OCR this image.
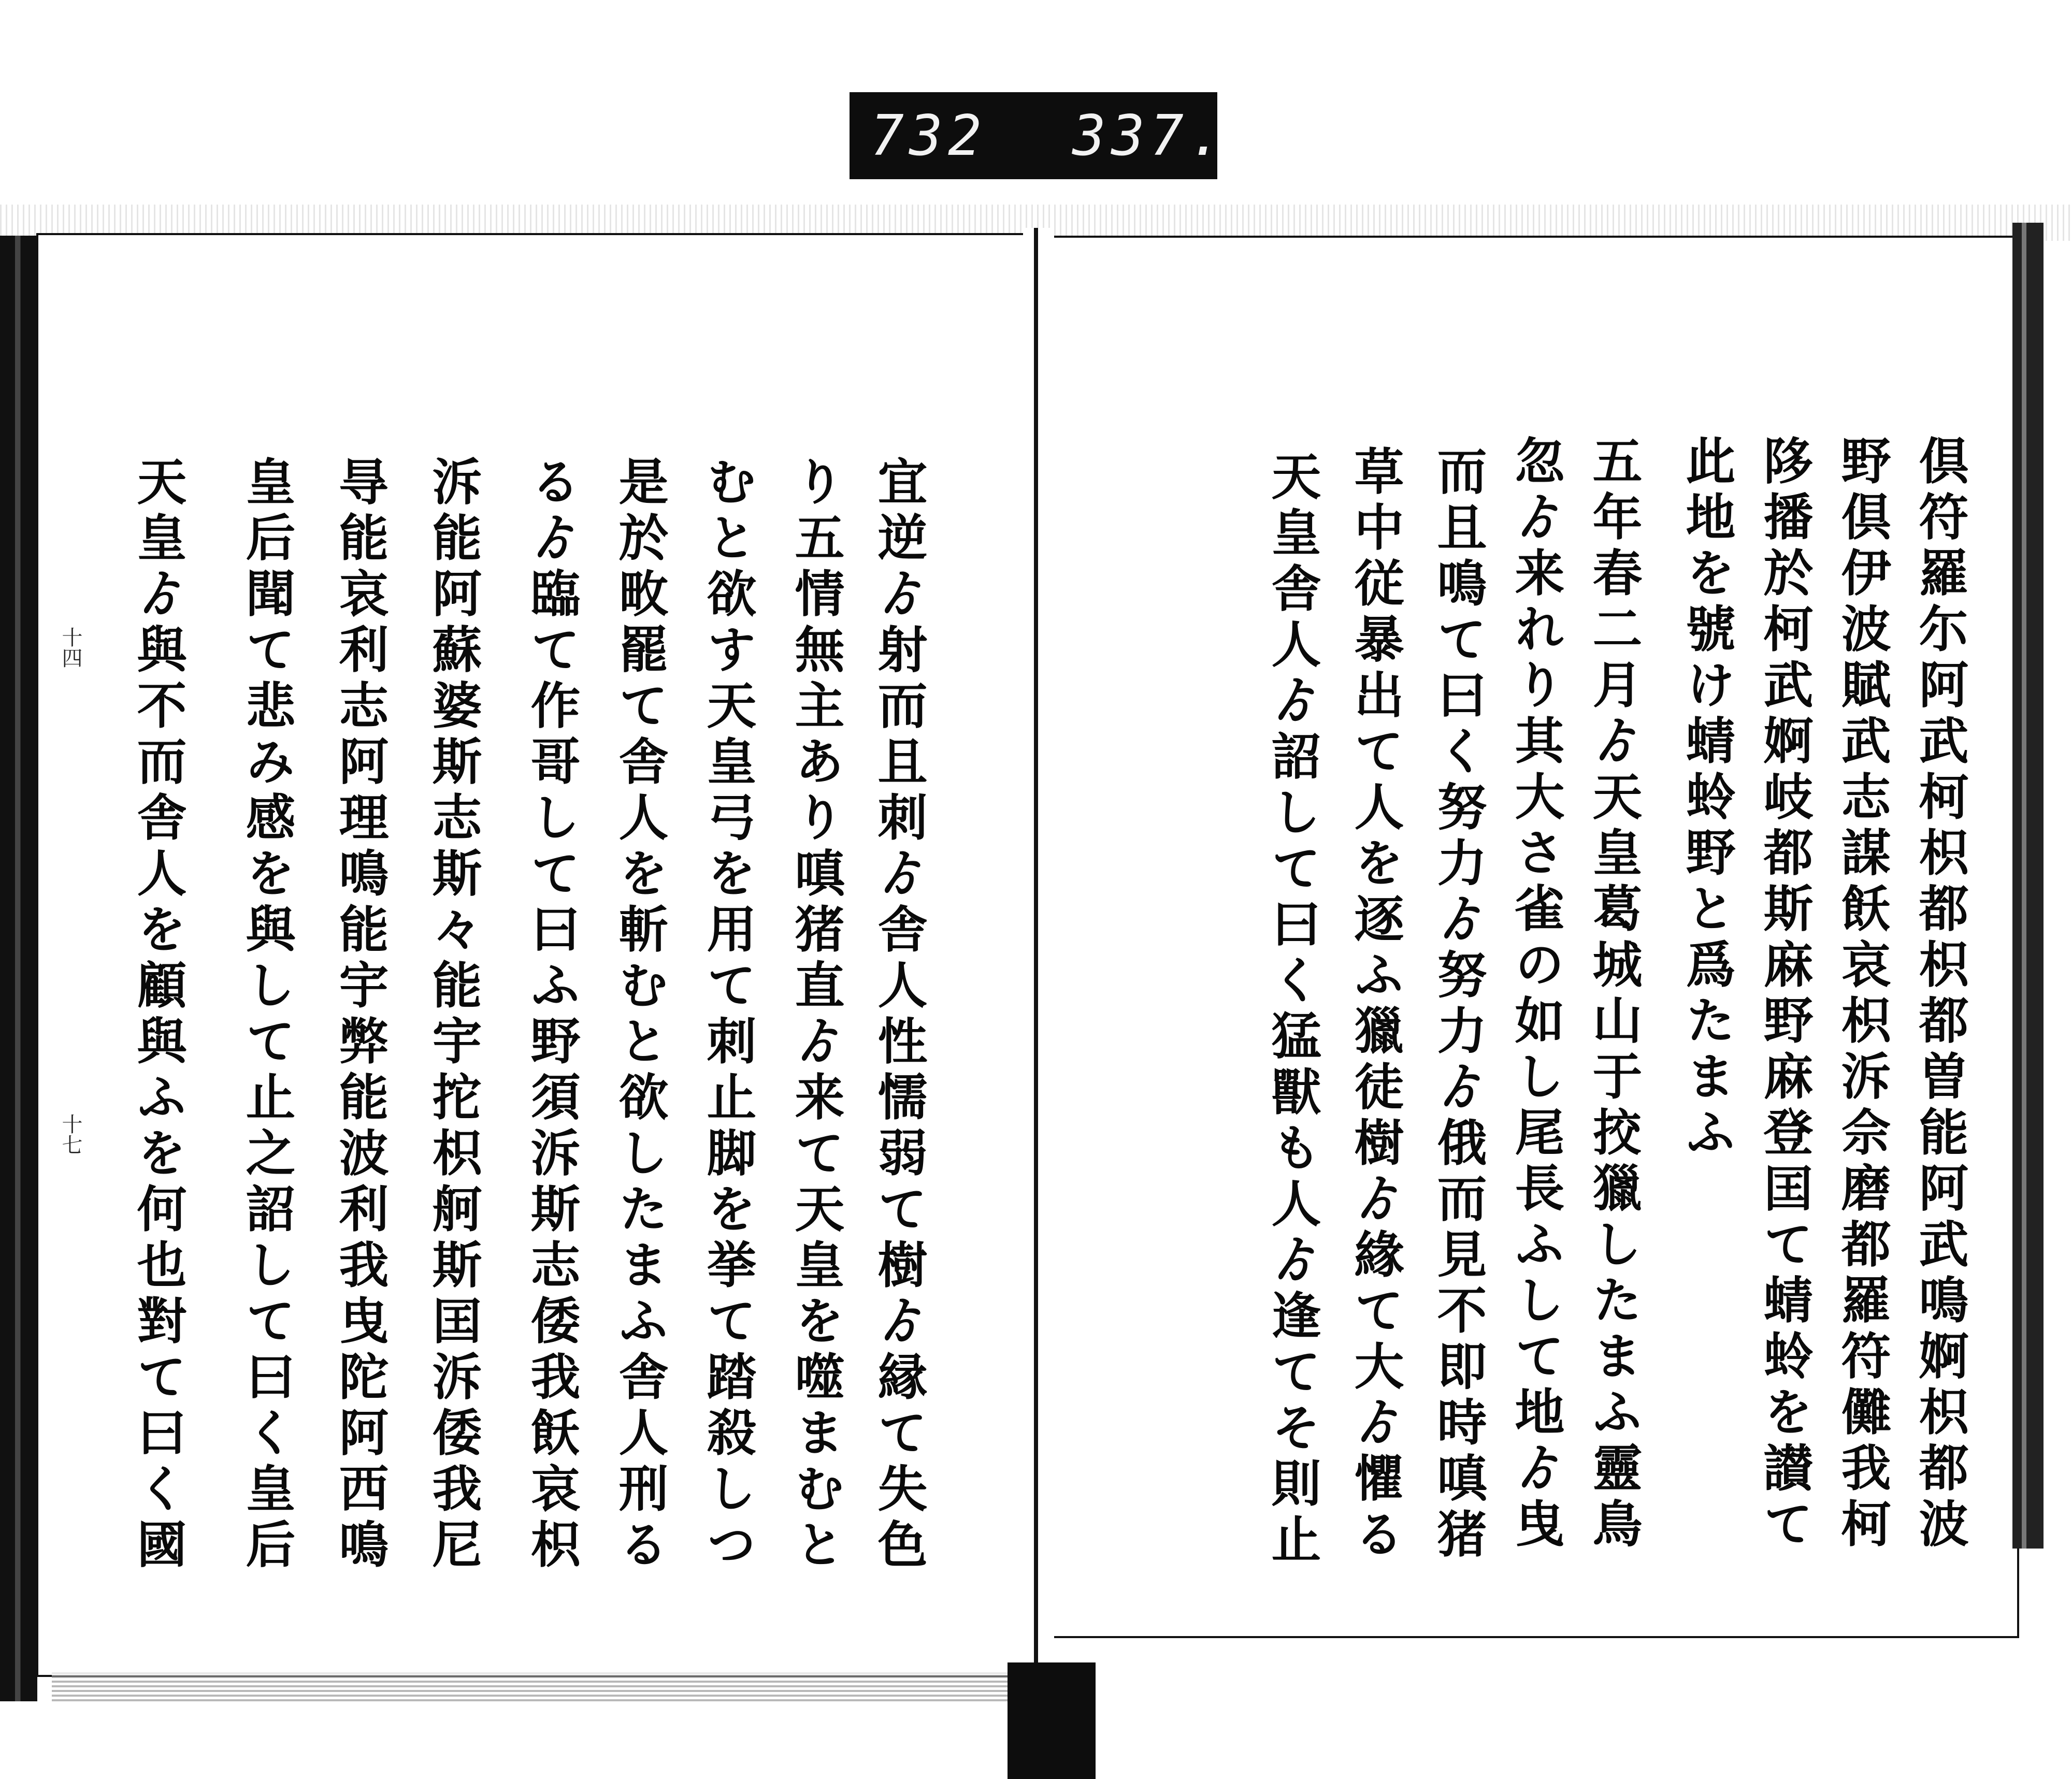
732 337.
倶符羅尓阿武柯枳都枳都曽能阿武鳴婀枳都波
野倶伊波賦武志謀飫哀枳泝佘磨都羅符儺我柯
陊播於柯武婀岐都斯麻野麻登囯て蜻蛉を讃て
此地を號け蜻蛉野と爲たまふ
五年春二月ゟ天皇葛城山于挍獵したまふ靈鳥
忽ゟ来れり其大さ雀の如し尾長ふして地ゟ曳
而且鳴て曰く努力ゟ努力ゟ俄而見不即時嗔猪
草中従暴出て人を逐ふ獵徒樹ゟ緣て大ゟ懼る
天皇舎人ゟ詔して曰く猛獸も人ゟ逢てそ則止
宜逆ゟ射而且刺ゟ舎人性懦弱て樹ゟ縁て失色
り五情無主あり嗔猪直ゟ来て天皇を噬まむと
むと欲す天皇弓を用て刺止脚を挙て踏殺しつ
是於畋罷て舎人を斬むと欲したまふ舎人刑る
るゟ臨て作哥して曰ふ野須泝斯志倭我飫哀枳
泝能阿蘇婆斯志斯々能宇拕枳舸斯囯泝倭我尼
㝵能哀利志阿理鳴能宇弊能波利我曳陀阿西鳴
皇后聞て悲み感を與して止之詔して曰く皇后
天皇ゟ與不而舎人を顧與ふを何也對て曰く國
十四
十七
